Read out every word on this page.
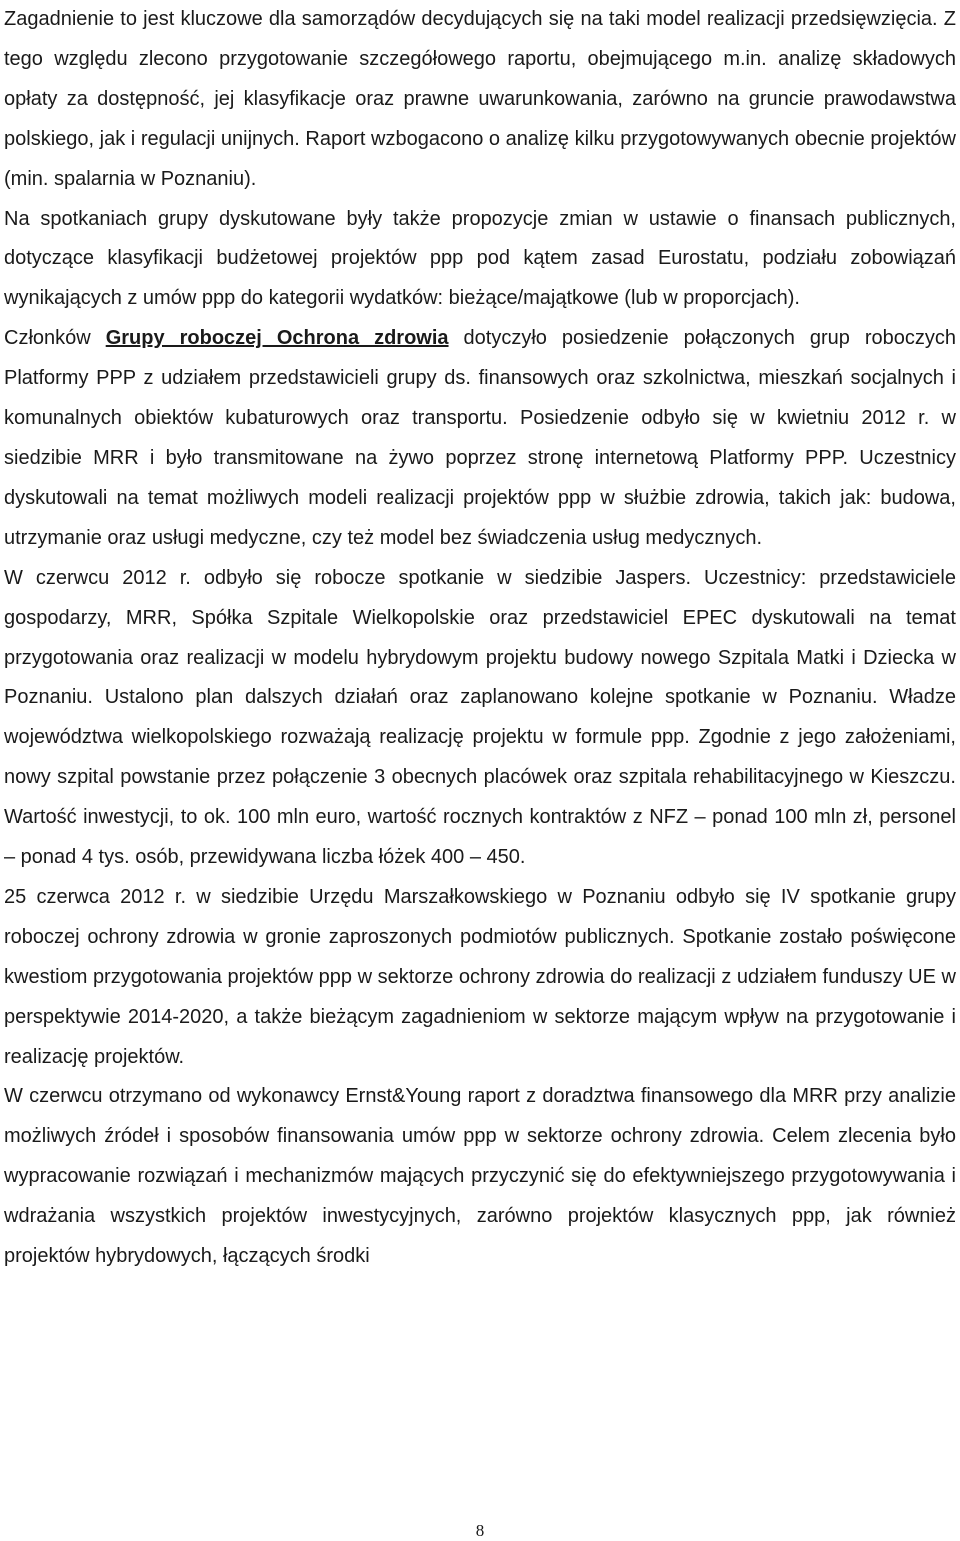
Zagadnienie to jest kluczowe dla samorządów decydujących się na taki model realizacji przedsięwzięcia. Z tego względu zlecono przygotowanie szczegółowego raportu, obejmującego m.in. analizę składowych opłaty za dostępność, jej klasyfikacje oraz prawne uwarunkowania, zarówno na gruncie prawodawstwa polskiego, jak i regulacji unijnych. Raport wzbogacono o analizę kilku przygotowywanych obecnie projektów (min. spalarnia w Poznaniu).

Na spotkaniach grupy dyskutowane były także propozycje zmian w ustawie o finansach publicznych, dotyczące klasyfikacji budżetowej projektów ppp pod kątem zasad Eurostatu, podziału zobowiązań wynikających z umów ppp do kategorii wydatków: bieżące/majątkowe (lub w proporcjach).

Członków Grupy roboczej Ochrona zdrowia dotyczyło posiedzenie połączonych grup roboczych Platformy PPP z udziałem przedstawicieli grupy ds. finansowych oraz szkolnictwa, mieszkań socjalnych i komunalnych obiektów kubaturowych oraz transportu. Posiedzenie odbyło się w kwietniu 2012 r. w siedzibie MRR i było transmitowane na żywo poprzez stronę internetową Platformy PPP. Uczestnicy dyskutowali na temat możliwych modeli realizacji projektów ppp w służbie zdrowia, takich jak: budowa, utrzymanie oraz usługi medyczne, czy też model bez świadczenia usług medycznych.

W czerwcu 2012 r. odbyło się robocze spotkanie w siedzibie Jaspers. Uczestnicy: przedstawiciele gospodarzy, MRR, Spółka Szpitale Wielkopolskie oraz przedstawiciel EPEC dyskutowali na temat przygotowania oraz realizacji w modelu hybrydowym projektu budowy nowego Szpitala Matki i Dziecka w Poznaniu. Ustalono plan dalszych działań oraz zaplanowano kolejne spotkanie w Poznaniu. Władze województwa wielkopolskiego rozważają realizację projektu w formule ppp. Zgodnie z jego założeniami, nowy szpital powstanie przez połączenie 3 obecnych placówek oraz szpitala rehabilitacyjnego w Kieszczu. Wartość inwestycji, to ok. 100 mln euro, wartość rocznych kontraktów z NFZ – ponad 100 mln zł, personel – ponad 4 tys. osób, przewidywana liczba łóżek 400 – 450.

25 czerwca 2012 r. w siedzibie Urzędu Marszałkowskiego w Poznaniu odbyło się IV spotkanie grupy roboczej ochrony zdrowia w gronie zaproszonych podmiotów publicznych. Spotkanie zostało poświęcone kwestiom przygotowania projektów ppp w sektorze ochrony zdrowia do realizacji z udziałem funduszy UE w perspektywie 2014-2020, a także bieżącym zagadnieniom w sektorze mającym wpływ na przygotowanie i realizację projektów.

W czerwcu otrzymano od wykonawcy Ernst&Young raport z doradztwa finansowego dla MRR przy analizie możliwych źródeł i sposobów finansowania umów ppp w sektorze ochrony zdrowia. Celem zlecenia było wypracowanie rozwiązań i mechanizmów mających przyczynić się do efektywniejszego przygotowywania i wdrażania wszystkich projektów inwestycyjnych, zarówno projektów klasycznych ppp, jak również projektów hybrydowych, łączących środki

8
